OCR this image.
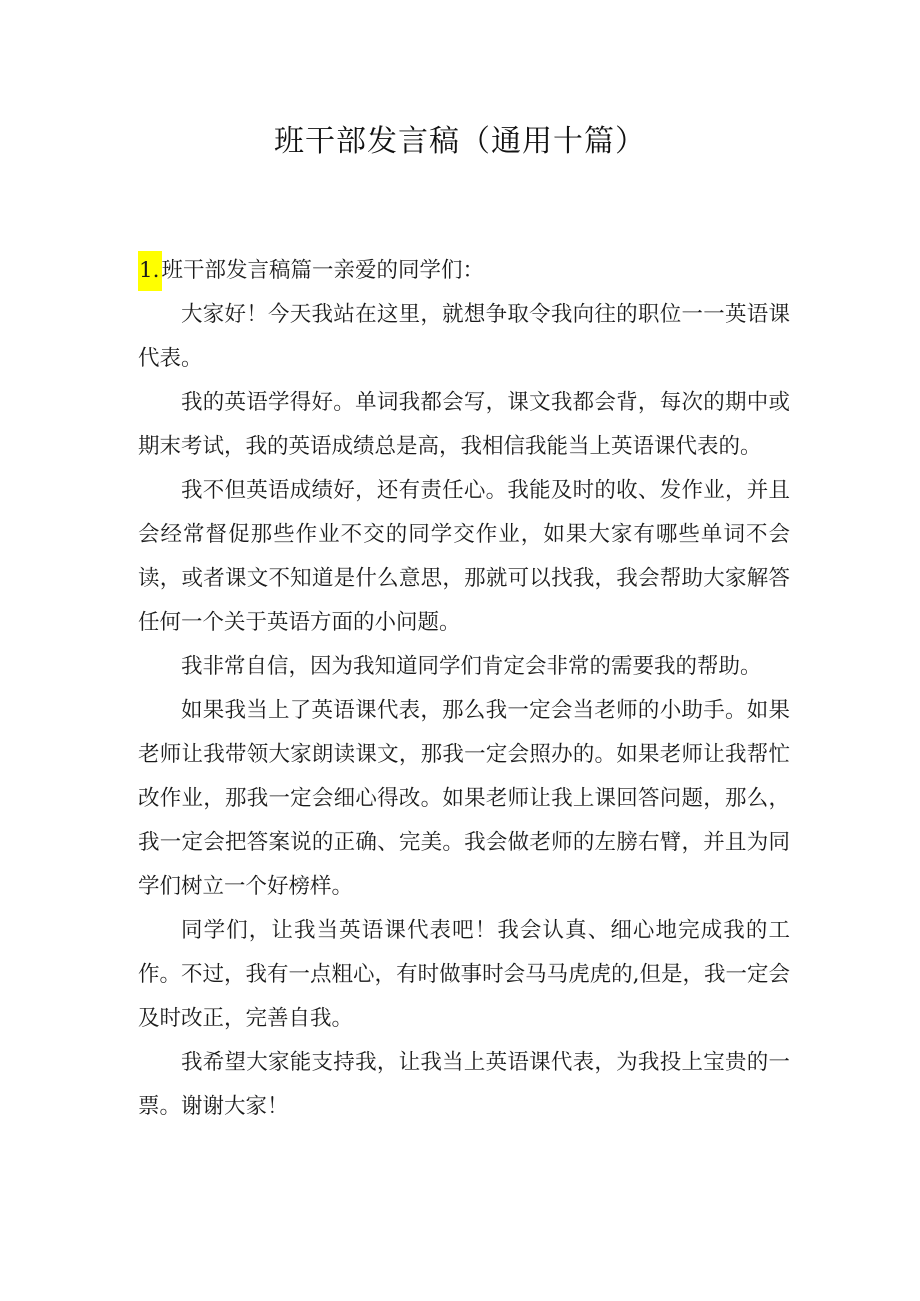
班干部发言稿（通用十篇）

1.班干部发言稿篇一亲爱的同学们：

大家好！今天我站在这里，就想争取令我向往的职位一一英语课代表。

我的英语学得好。单词我都会写，课文我都会背，每次的期中或期末考试，我的英语成绩总是高，我相信我能当上英语课代表的。

我不但英语成绩好，还有责任心。我能及时的收、发作业，并且会经常督促那些作业不交的同学交作业，如果大家有哪些单词不会读，或者课文不知道是什么意思，那就可以找我，我会帮助大家解答任何一个关于英语方面的小问题。

我非常自信，因为我知道同学们肯定会非常的需要我的帮助。

如果我当上了英语课代表，那么我一定会当老师的小助手。如果老师让我带领大家朗读课文，那我一定会照办的。如果老师让我帮忙改作业，那我一定会细心得改。如果老师让我上课回答问题，那么，我一定会把答案说的正确、完美。我会做老师的左膀右臂，并且为同学们树立一个好榜样。

同学们，让我当英语课代表吧！我会认真、细心地完成我的工作。不过，我有一点粗心，有时做事时会马马虎虎的,但是，我一定会及时改正，完善自我。

我希望大家能支持我，让我当上英语课代表，为我投上宝贵的一票。谢谢大家！
